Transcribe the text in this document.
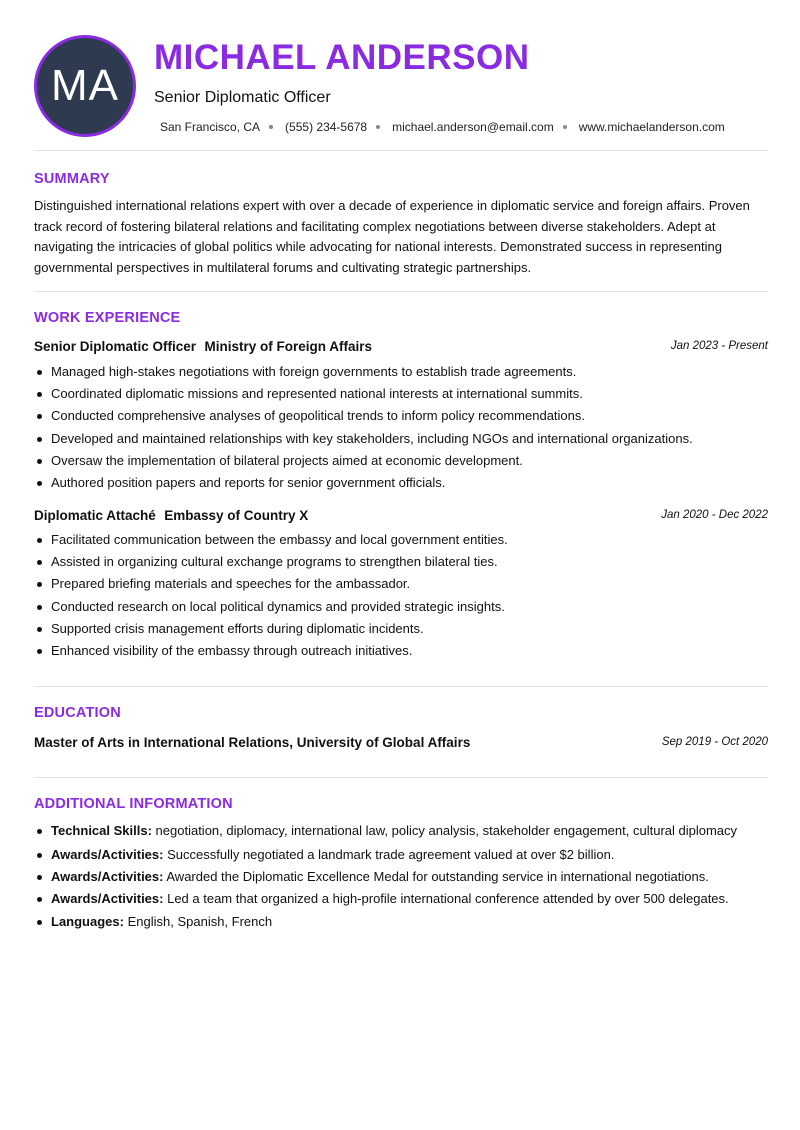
MA
MICHAEL ANDERSON
Senior Diplomatic Officer
San Francisco, CA (555) 234-5678 michael.anderson@email.com www.michaelanderson.com
SUMMARY
Distinguished international relations expert with over a decade of experience in diplomatic service and foreign affairs. Proven track record of fostering bilateral relations and facilitating complex negotiations between diverse stakeholders. Adept at navigating the intricacies of global politics while advocating for national interests. Demonstrated success in representing governmental perspectives in multilateral forums and cultivating strategic partnerships.
WORK EXPERIENCE
Senior Diplomatic Officer Ministry of Foreign Affairs	Jan 2023 - Present
Managed high-stakes negotiations with foreign governments to establish trade agreements.
Coordinated diplomatic missions and represented national interests at international summits.
Conducted comprehensive analyses of geopolitical trends to inform policy recommendations.
Developed and maintained relationships with key stakeholders, including NGOs and international organizations.
Oversaw the implementation of bilateral projects aimed at economic development.
Authored position papers and reports for senior government officials.
Diplomatic Attaché Embassy of Country X	Jan 2020 - Dec 2022
Facilitated communication between the embassy and local government entities.
Assisted in organizing cultural exchange programs to strengthen bilateral ties.
Prepared briefing materials and speeches for the ambassador.
Conducted research on local political dynamics and provided strategic insights.
Supported crisis management efforts during diplomatic incidents.
Enhanced visibility of the embassy through outreach initiatives.
EDUCATION
Master of Arts in International Relations, University of Global Affairs	Sep 2019 - Oct 2020
ADDITIONAL INFORMATION
Technical Skills: negotiation, diplomacy, international law, policy analysis, stakeholder engagement, cultural diplomacy
Awards/Activities: Successfully negotiated a landmark trade agreement valued at over $2 billion.
Awards/Activities: Awarded the Diplomatic Excellence Medal for outstanding service in international negotiations.
Awards/Activities: Led a team that organized a high-profile international conference attended by over 500 delegates.
Languages: English, Spanish, French
